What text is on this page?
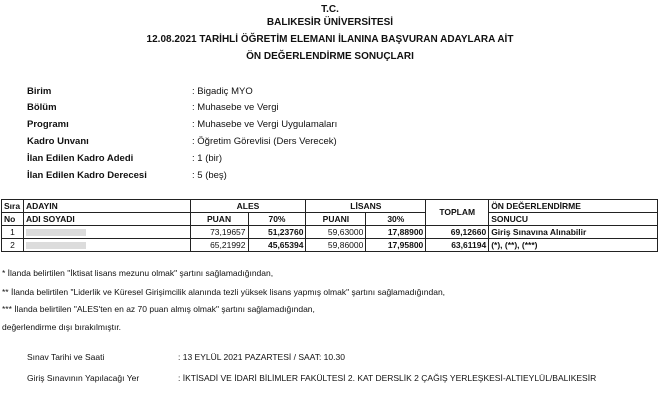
T.C.
BALIKESİR ÜNİVERSİTESİ
12.08.2021 TARİHLİ ÖĞRETİM ELEMANI İLANINA BAŞVURAN ADAYLARA AİT
ÖN DEĞERLENDİRME SONUÇLARI
Birim	: Bigadiç MYO
Bölüm	: Muhasebe ve Vergi
Programı	: Muhasebe ve Vergi Uygulamaları
Kadro Unvanı	: Öğretim Görevlisi (Ders Verecek)
İlan Edilen Kadro Adedi	: 1 (bir)
İlan Edilen Kadro Derecesi	: 5 (beş)
Sıra	ADAYIN	ALES		LİSANS		TOPLAM	ÖN DEĞERLENDİRME
No	ADI SOYADI	PUAN	70%	PUANI	30%		SONUCU
1		73,19657	51,23760	59,63000	17,88900	69,12660	Giriş Sınavına Alınabilir
2		65,21992	45,65394	59,86000	17,95800	63,61194	(*), (**), (***)
* İlanda belirtilen "İktisat lisans mezunu olmak" şartını sağlamadığından,
** İlanda belirtilen "Liderlik ve Küresel Girişimcilik alanında tezli yüksek lisans yapmış olmak" şartını sağlamadığından,
*** İlanda belirtilen "ALES'ten en az 70 puan almış olmak" şartını sağlamadığından,
değerlendirme dışı bırakılmıştır.
Sınav Tarihi ve Saati	: 13 EYLÜL 2021 PAZARTESİ / SAAT: 10.30
Giriş Sınavının Yapılacağı Yer	: İKTİSADİ VE İDARİ BİLİMLER FAKÜLTESİ 2. KAT DERSLİK 2 ÇAĞIŞ YERLEŞKESİ-ALTIEYLÜL/BALIKESİR
